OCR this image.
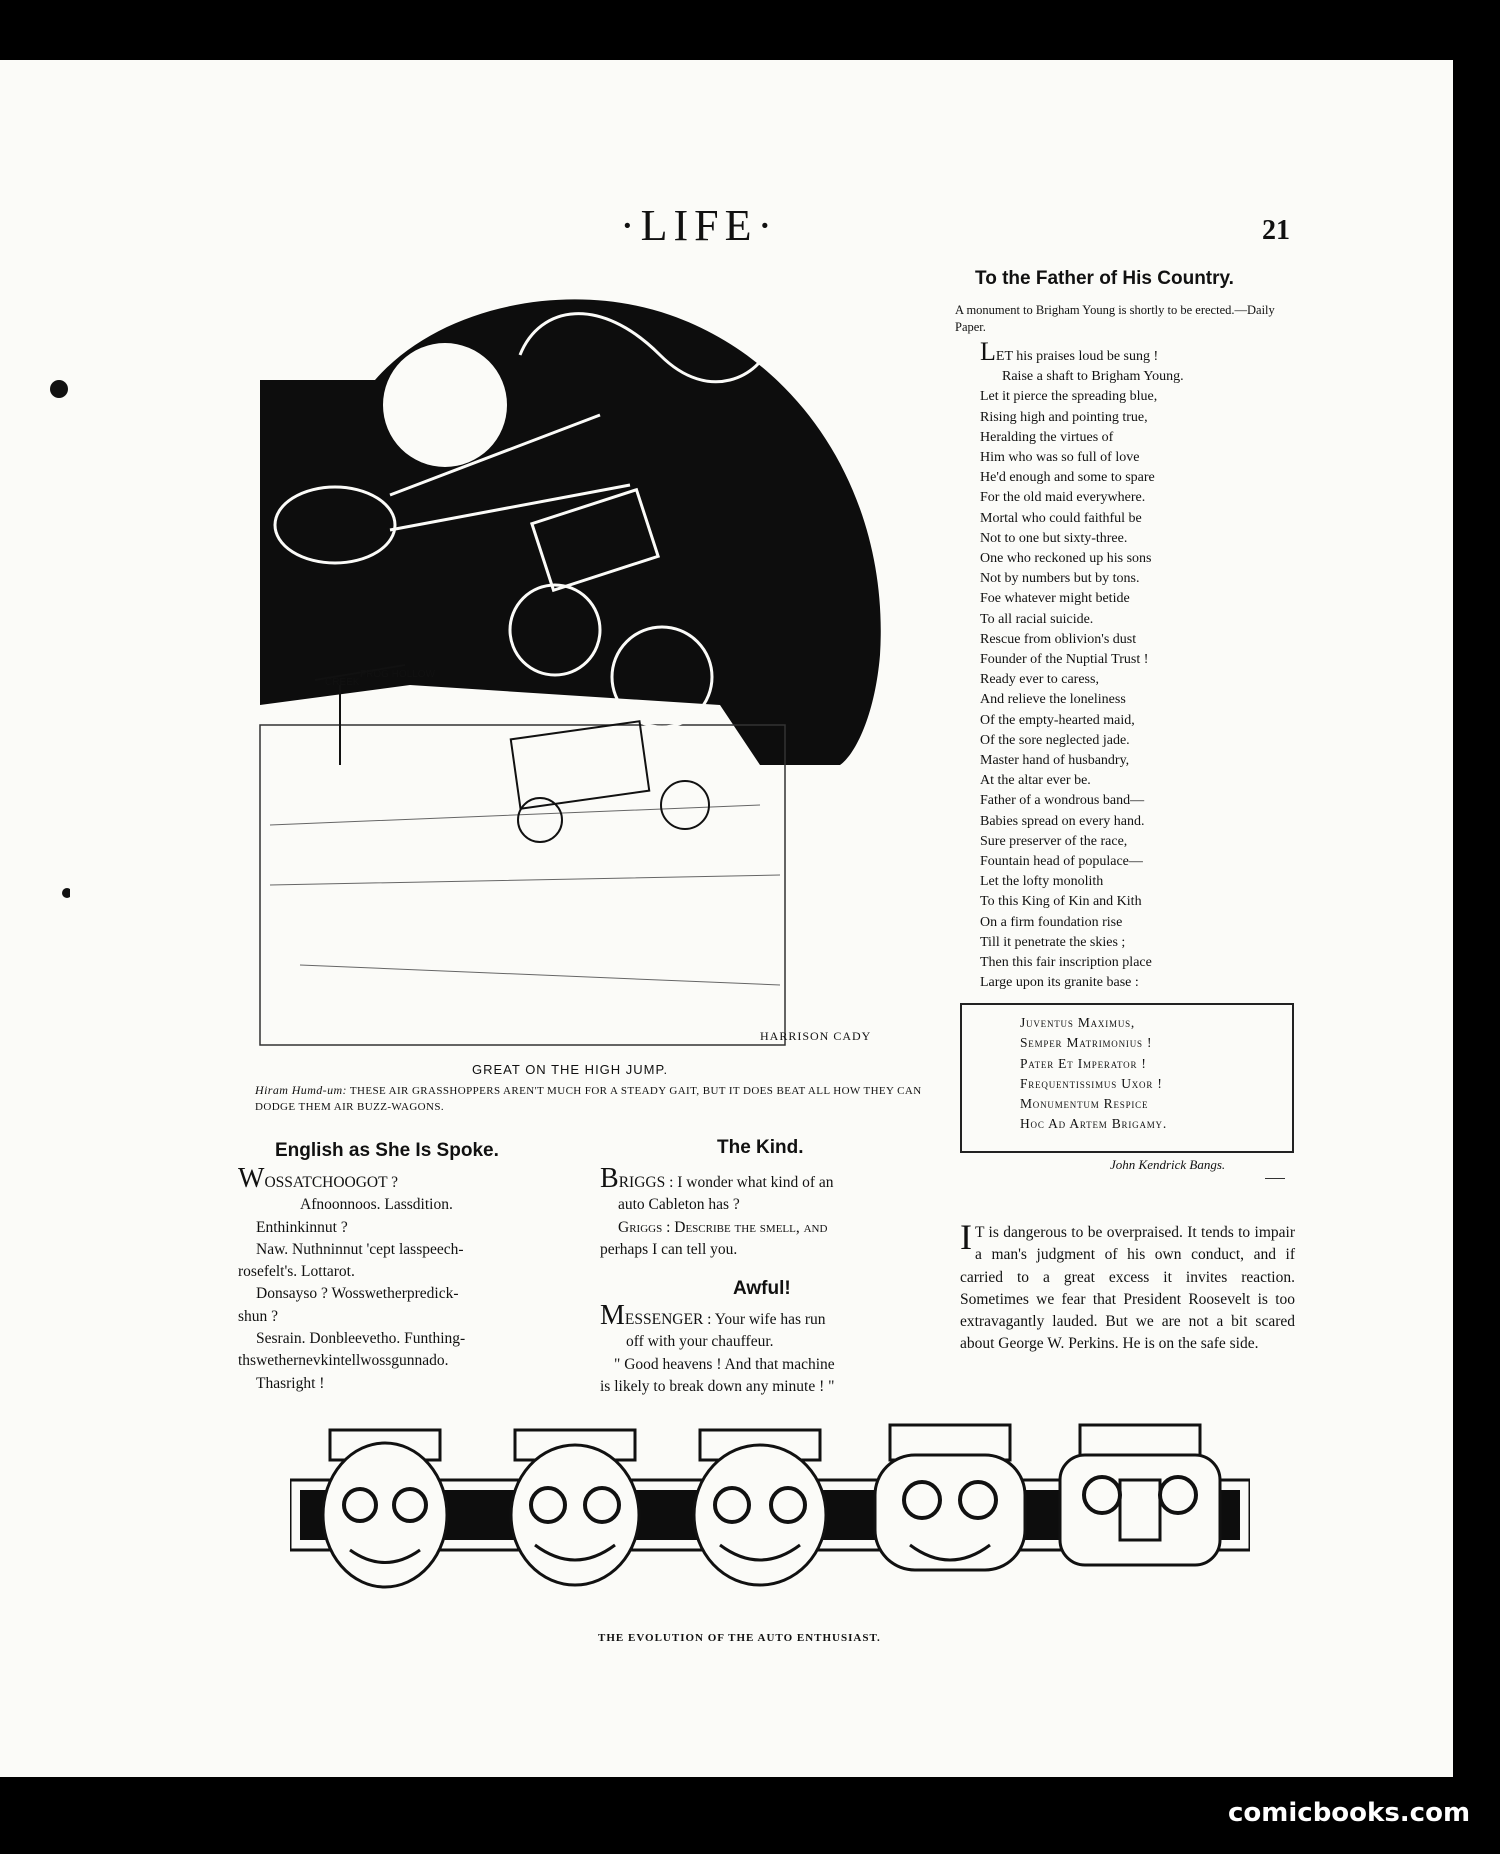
·LIFE·	21
CREEK
FROG HOLLOW
HARRISON CADY
GREAT ON THE HIGH JUMP.
Hiram Humd-um: THESE AIR GRASSHOPPERS AREN'T MUCH FOR A STEADY GAIT, BUT IT DOES BEAT ALL HOW THEY CAN DODGE THEM AIR BUZZ-WAGONS.
To the Father of His Country.
A monument to Brigham Young is shortly to be erected.—Daily Paper.
LET his praises loud be sung !
Raise a shaft to Brigham Young.
Let it pierce the spreading blue,
Rising high and pointing true,
Heralding the virtues of
Him who was so full of love
He'd enough and some to spare
For the old maid everywhere.
Mortal who could faithful be
Not to one but sixty-three.
One who reckoned up his sons
Not by numbers but by tons.
Foe whatever might betide
To all racial suicide.
Rescue from oblivion's dust
Founder of the Nuptial Trust !
Ready ever to caress,
And relieve the loneliness
Of the empty-hearted maid,
Of the sore neglected jade.
Master hand of husbandry,
At the altar ever be.
Father of a wondrous band—
Babies spread on every hand.
Sure preserver of the race,
Fountain head of populace—
Let the lofty monolith
To this King of Kin and Kith
On a firm foundation rise
Till it penetrate the skies ;
Then this fair inscription place
Large upon its granite base :
Juventus Maximus,
Semper Matrimonius !
Pater Et Imperator !
Frequentissimus Uxor !
Monumentum Respice
Hoc Ad Artem Brigamy.
John Kendrick Bangs.
English as She Is Spoke.
WOSSATCHOOGOT ?
Afnoonnoos. Lassdition.
Enthinkinnut ?
Naw. Nuthninnut 'cept lasspeech-
rosefelt's. Lottarot.
Donsayso ? Wosswetherpredick-
shun ?
Sesrain. Donbleevetho. Funthing-
thswethernevkintellwossgunnado.
Thasright !
The Kind.
BRIGGS : I wonder what kind of an
auto Cableton has ?
Griggs : Describe the smell, and
perhaps I can tell you.
Awful!
MESSENGER : Your wife has run
off with your chauffeur.
" Good heavens ! And that machine
is likely to break down any minute ! "
I T is dangerous to be overpraised. It tends to impair a man's judgment of his own conduct, and if carried to a great excess it invites reaction. Sometimes we fear that President Roosevelt is too extravagantly lauded. But we are not a bit scared about George W. Perkins. He is on the safe side.
THE EVOLUTION OF THE AUTO ENTHUSIAST.
comicbooks.com
